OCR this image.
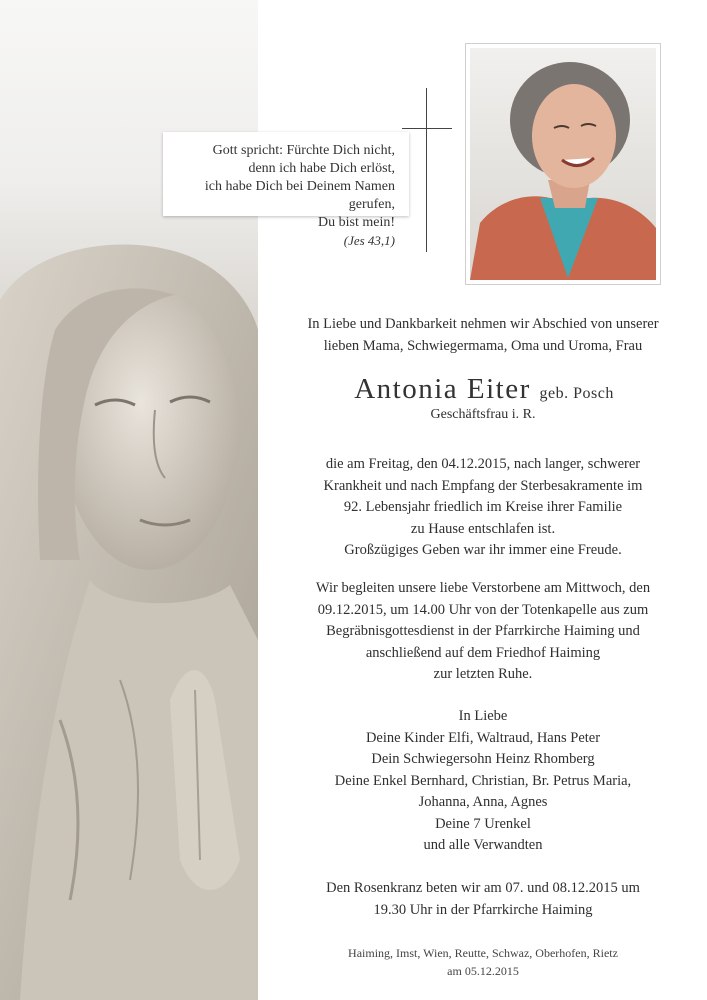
Gott spricht: Fürchte Dich nicht,
denn ich habe Dich erlöst,
ich habe Dich bei Deinem Namen gerufen,
Du bist mein!
(Jes 43,1)
In Liebe und Dankbarkeit nehmen wir Abschied von unserer
lieben Mama, Schwiegermama, Oma und Uroma, Frau
Antonia Eiter geb. Posch
Geschäftsfrau i. R.
die am Freitag, den 04.12.2015, nach langer, schwerer
Krankheit und nach Empfang der Sterbesakramente im
92. Lebensjahr friedlich im Kreise ihrer Familie
zu Hause entschlafen ist.
Großzügiges Geben war ihr immer eine Freude.
Wir begleiten unsere liebe Verstorbene am Mittwoch, den
09.12.2015, um 14.00 Uhr von der Totenkapelle aus zum
Begräbnisgottesdienst in der Pfarrkirche Haiming und
anschließend auf dem Friedhof Haiming
zur letzten Ruhe.
In Liebe
Deine Kinder Elfi, Waltraud, Hans Peter
Dein Schwiegersohn Heinz Rhomberg
Deine Enkel Bernhard, Christian, Br. Petrus Maria,
Johanna, Anna, Agnes
Deine 7 Urenkel
und alle Verwandten
Den Rosenkranz beten wir am 07. und 08.12.2015 um
19.30 Uhr in der Pfarrkirche Haiming
Haiming, Imst, Wien, Reutte, Schwaz, Oberhofen, Rietz
am 05.12.2015
